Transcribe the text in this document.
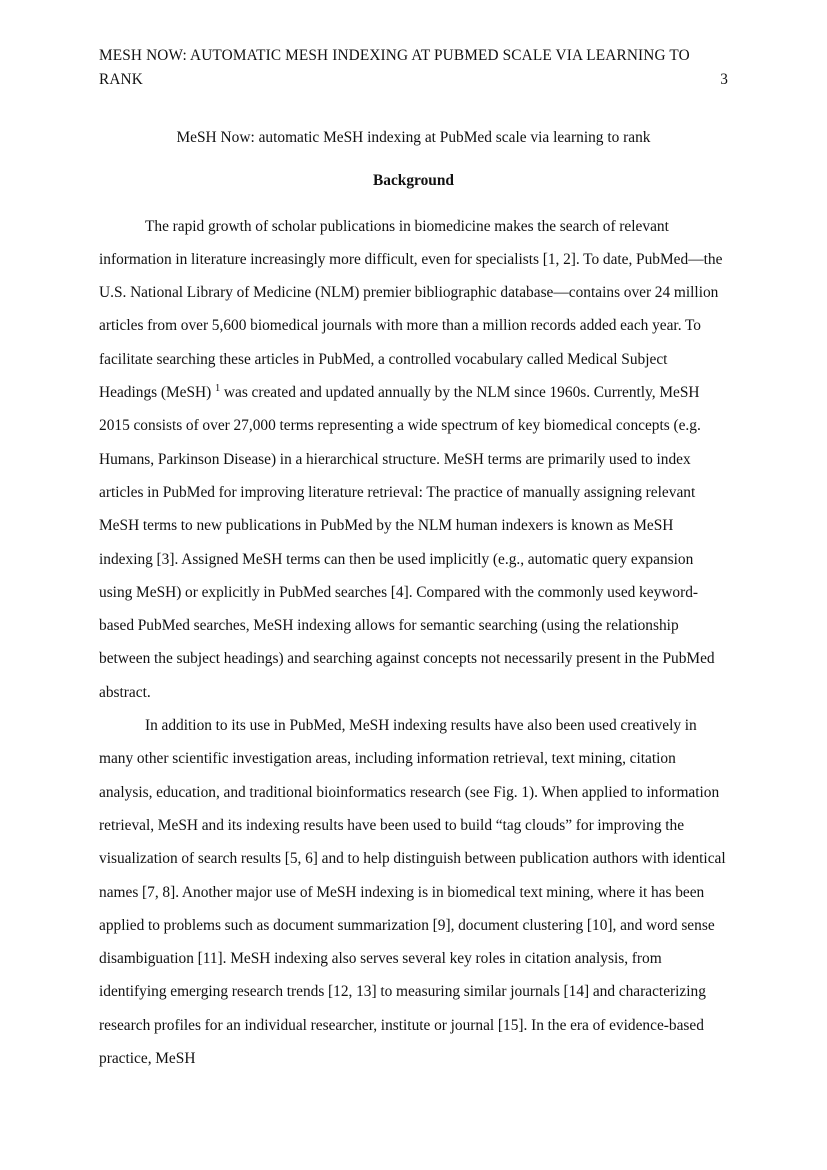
MESH NOW: AUTOMATIC MESH INDEXING AT PUBMED SCALE VIA LEARNING TO RANK	3

MeSH Now: automatic MeSH indexing at PubMed scale via learning to rank

Background

The rapid growth of scholar publications in biomedicine makes the search of relevant information in literature increasingly more difficult, even for specialists [1, 2]. To date, PubMed—the U.S. National Library of Medicine (NLM) premier bibliographic database—contains over 24 million articles from over 5,600 biomedical journals with more than a million records added each year. To facilitate searching these articles in PubMed, a controlled vocabulary called Medical Subject Headings (MeSH) $^1$ was created and updated annually by the NLM since 1960s. Currently, MeSH 2015 consists of over 27,000 terms representing a wide spectrum of key biomedical concepts (e.g. Humans, Parkinson Disease) in a hierarchical structure. MeSH terms are primarily used to index articles in PubMed for improving literature retrieval: The practice of manually assigning relevant MeSH terms to new publications in PubMed by the NLM human indexers is known as MeSH indexing [3]. Assigned MeSH terms can then be used implicitly (e.g., automatic query expansion using MeSH) or explicitly in PubMed searches [4]. Compared with the commonly used keyword-based PubMed searches, MeSH indexing allows for semantic searching (using the relationship between the subject headings) and searching against concepts not necessarily present in the PubMed abstract.

In addition to its use in PubMed, MeSH indexing results have also been used creatively in many other scientific investigation areas, including information retrieval, text mining, citation analysis, education, and traditional bioinformatics research (see Fig. 1). When applied to information retrieval, MeSH and its indexing results have been used to build “tag clouds” for improving the visualization of search results [5, 6] and to help distinguish between publication authors with identical names [7, 8]. Another major use of MeSH indexing is in biomedical text mining, where it has been applied to problems such as document summarization [9], document clustering [10], and word sense disambiguation [11]. MeSH indexing also serves several key roles in citation analysis, from identifying emerging research trends [12, 13] to measuring similar journals [14] and characterizing research profiles for an individual researcher, institute or journal [15]. In the era of evidence-based practice, MeSH
